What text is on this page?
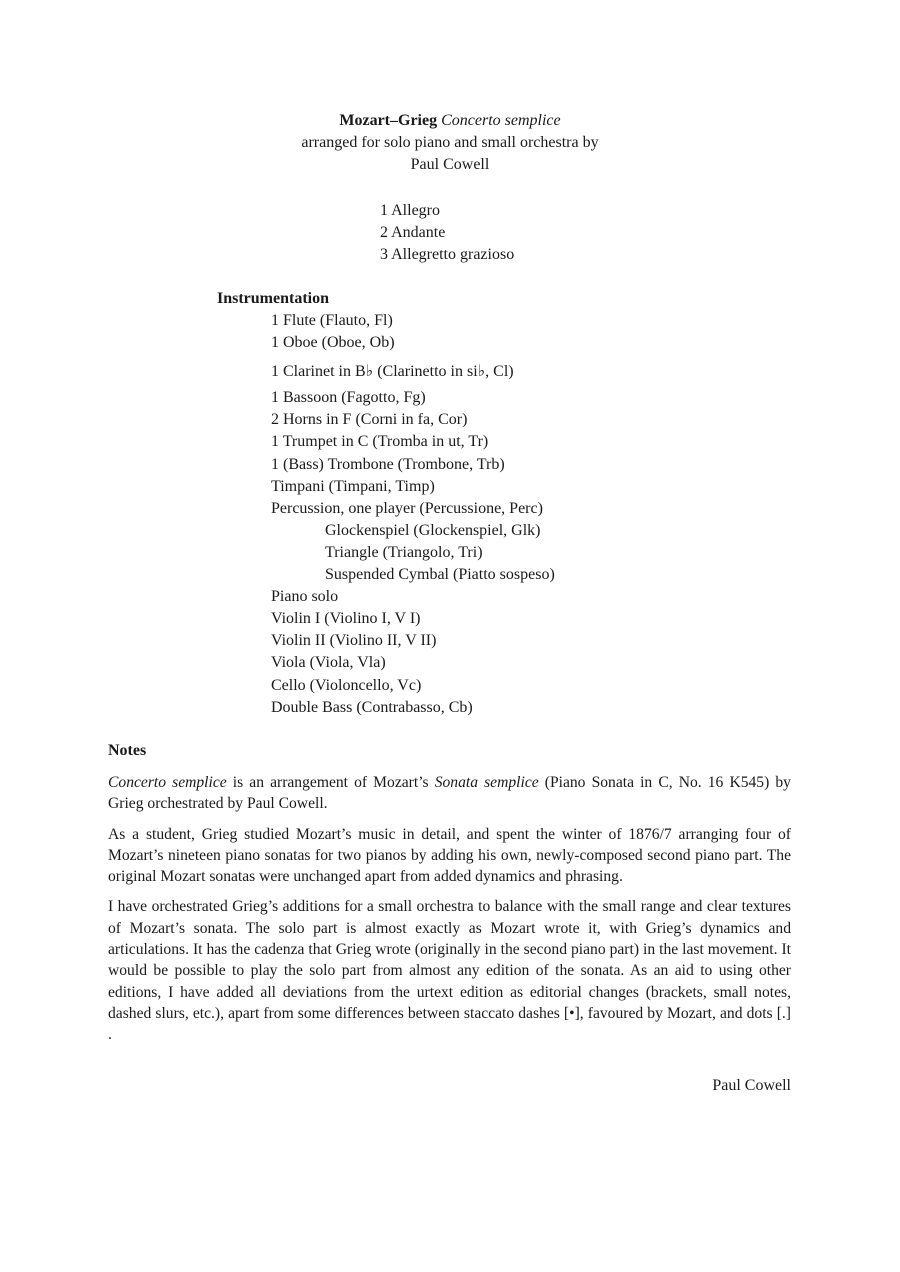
Mozart–Grieg Concerto semplice
arranged for solo piano and small orchestra by
Paul Cowell
1 Allegro
2 Andante
3 Allegretto grazioso
Instrumentation
1 Flute (Flauto, Fl)
1 Oboe (Oboe, Ob)
1 Clarinet in B♭ (Clarinetto in si♭, Cl)
1 Bassoon (Fagotto, Fg)
2 Horns in F (Corni in fa, Cor)
1 Trumpet in C (Tromba in ut, Tr)
1 (Bass) Trombone (Trombone, Trb)
Timpani (Timpani, Timp)
Percussion, one player (Percussione, Perc)
Glockenspiel (Glockenspiel, Glk)
Triangle (Triangolo, Tri)
Suspended Cymbal (Piatto sospeso)
Piano solo
Violin I (Violino I, V I)
Violin II (Violino II, V II)
Viola (Viola, Vla)
Cello (Violoncello, Vc)
Double Bass (Contrabasso, Cb)
Notes

Concerto semplice is an arrangement of Mozart’s Sonata semplice (Piano Sonata in C, No. 16 K545) by Grieg orchestrated by Paul Cowell.

As a student, Grieg studied Mozart’s music in detail, and spent the winter of 1876/7 arranging four of Mozart’s nineteen piano sonatas for two pianos by adding his own, newly-composed second piano part. The original Mozart sonatas were unchanged apart from added dynamics and phrasing.

I have orchestrated Grieg’s additions for a small orchestra to balance with the small range and clear textures of Mozart’s sonata. The solo part is almost exactly as Mozart wrote it, with Grieg’s dynamics and articulations. It has the cadenza that Grieg wrote (originally in the second piano part) in the last movement. It would be possible to play the solo part from almost any edition of the sonata. As an aid to using other editions, I have added all deviations from the urtext edition as editorial changes (brackets, small notes, dashed slurs, etc.), apart from some differences between staccato dashes [•], favoured by Mozart, and dots [.] .

Paul Cowell
